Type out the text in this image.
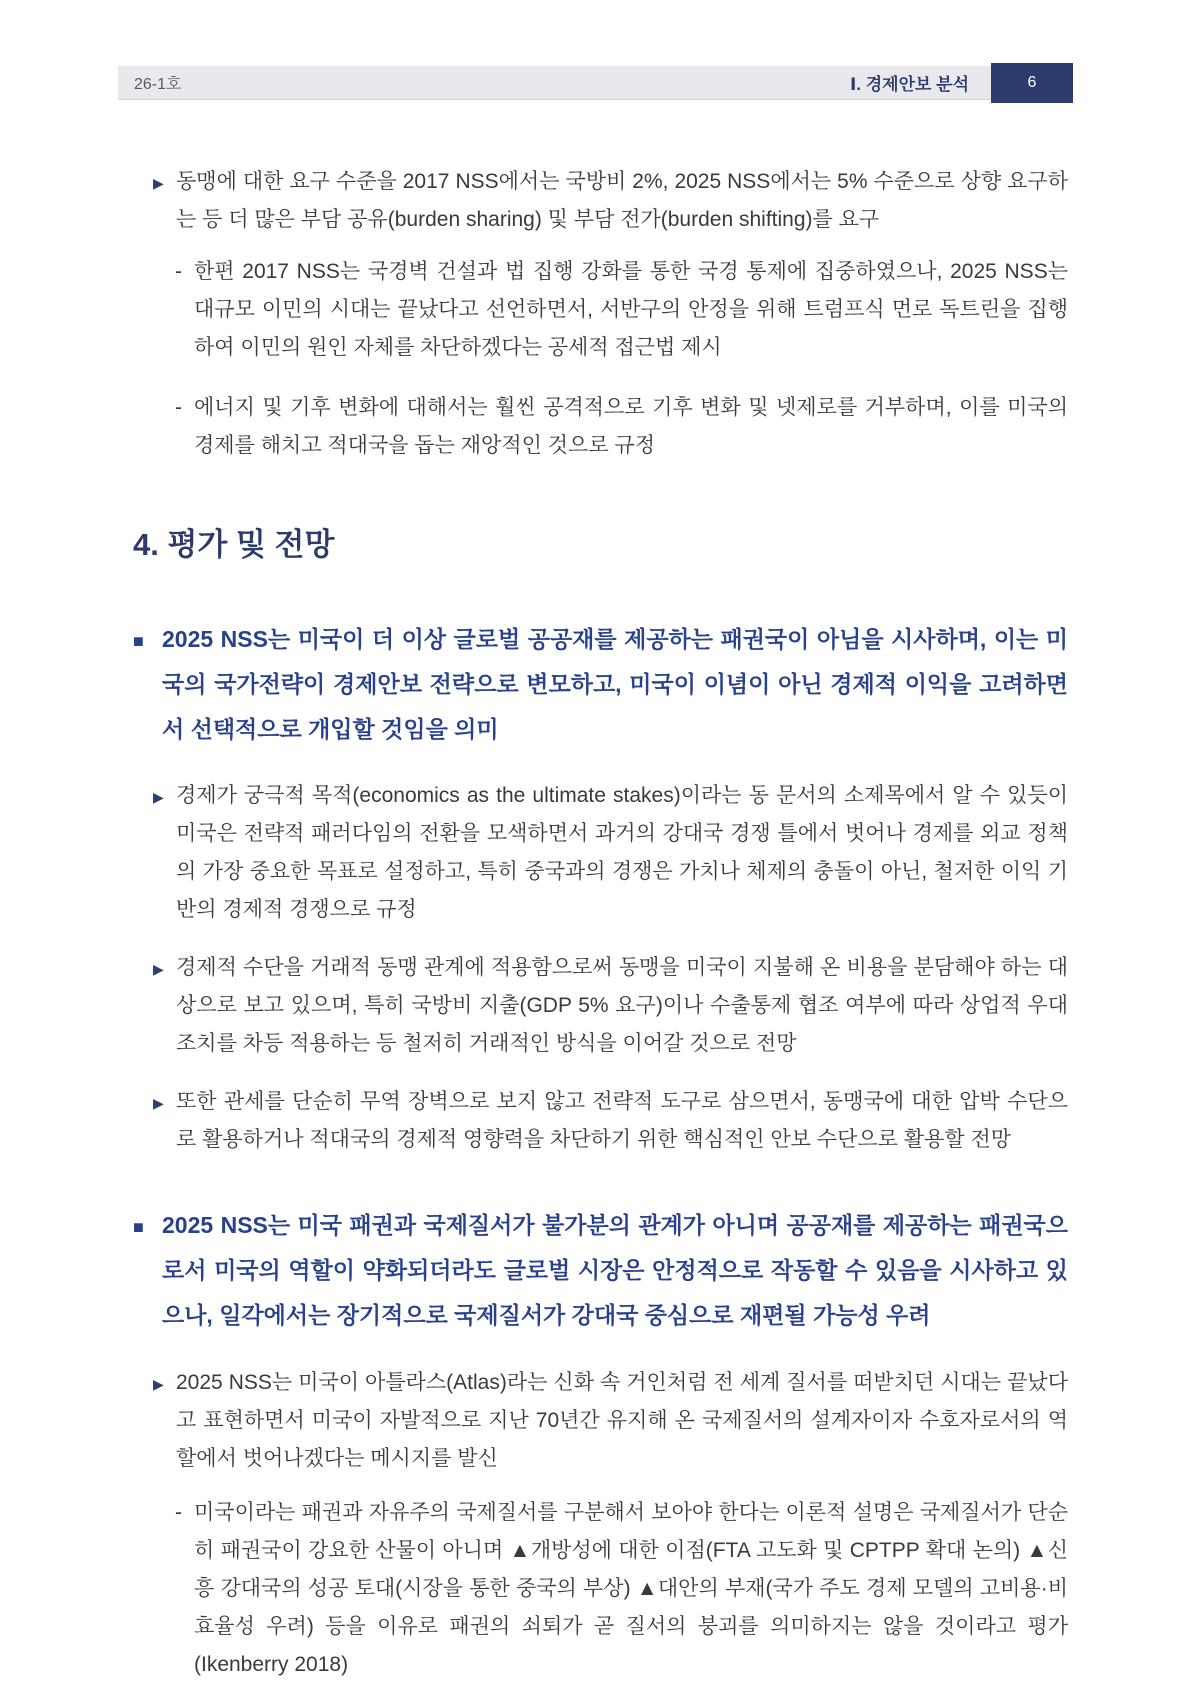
26-1호	Ⅰ. 경제안보 분석	6
▶ 동맹에 대한 요구 수준을 2017 NSS에서는 국방비 2%, 2025 NSS에서는 5% 수준으로 상향 요구하는 등 더 많은 부담 공유(burden sharing) 및 부담 전가(burden shifting)를 요구
- 한편 2017 NSS는 국경벽 건설과 법 집행 강화를 통한 국경 통제에 집중하였으나, 2025 NSS는 대규모 이민의 시대는 끝났다고 선언하면서, 서반구의 안정을 위해 트럼프식 먼로 독트린을 집행하여 이민의 원인 자체를 차단하겠다는 공세적 접근법 제시
- 에너지 및 기후 변화에 대해서는 훨씬 공격적으로 기후 변화 및 넷제로를 거부하며, 이를 미국의 경제를 해치고 적대국을 돕는 재앙적인 것으로 규정
4. 평가 및 전망
■ 2025 NSS는 미국이 더 이상 글로벌 공공재를 제공하는 패권국이 아님을 시사하며, 이는 미국의 국가전략이 경제안보 전략으로 변모하고, 미국이 이념이 아닌 경제적 이익을 고려하면서 선택적으로 개입할 것임을 의미
▶ 경제가 궁극적 목적(economics as the ultimate stakes)이라는 동 문서의 소제목에서 알 수 있듯이 미국은 전략적 패러다임의 전환을 모색하면서 과거의 강대국 경쟁 틀에서 벗어나 경제를 외교 정책의 가장 중요한 목표로 설정하고, 특히 중국과의 경쟁은 가치나 체제의 충돌이 아닌, 철저한 이익 기반의 경제적 경쟁으로 규정
▶ 경제적 수단을 거래적 동맹 관계에 적용함으로써 동맹을 미국이 지불해 온 비용을 분담해야 하는 대상으로 보고 있으며, 특히 국방비 지출(GDP 5% 요구)이나 수출통제 협조 여부에 따라 상업적 우대 조치를 차등 적용하는 등 철저히 거래적인 방식을 이어갈 것으로 전망
▶ 또한 관세를 단순히 무역 장벽으로 보지 않고 전략적 도구로 삼으면서, 동맹국에 대한 압박 수단으로 활용하거나 적대국의 경제적 영향력을 차단하기 위한 핵심적인 안보 수단으로 활용할 전망
■ 2025 NSS는 미국 패권과 국제질서가 불가분의 관계가 아니며 공공재를 제공하는 패권국으로서 미국의 역할이 약화되더라도 글로벌 시장은 안정적으로 작동할 수 있음을 시사하고 있으나, 일각에서는 장기적으로 국제질서가 강대국 중심으로 재편될 가능성 우려
▶ 2025 NSS는 미국이 아틀라스(Atlas)라는 신화 속 거인처럼 전 세계 질서를 떠받치던 시대는 끝났다고 표현하면서 미국이 자발적으로 지난 70년간 유지해 온 국제질서의 설계자이자 수호자로서의 역할에서 벗어나겠다는 메시지를 발신
- 미국이라는 패권과 자유주의 국제질서를 구분해서 보아야 한다는 이론적 설명은 국제질서가 단순히 패권국이 강요한 산물이 아니며 ▲개방성에 대한 이점(FTA 고도화 및 CPTPP 확대 논의) ▲신흥 강대국의 성공 토대(시장을 통한 중국의 부상) ▲대안의 부재(국가 주도 경제 모델의 고비용·비효율성 우려) 등을 이유로 패권의 쇠퇴가 곧 질서의 붕괴를 의미하지는 않을 것이라고 평가(Ikenberry 2018)
